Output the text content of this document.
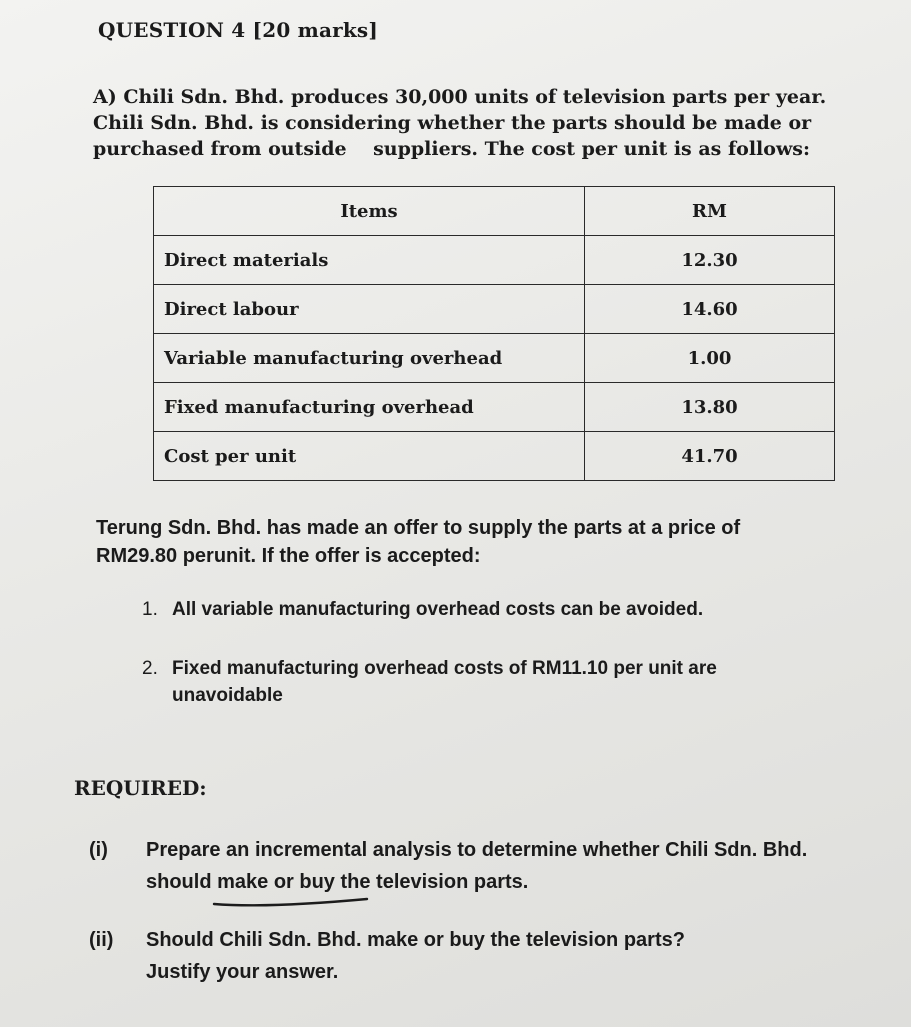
QUESTION 4 [20 marks]
A) Chili Sdn. Bhd. produces 30,000 units of television parts per year.
Chili Sdn. Bhd. is considering whether the parts should be made or
purchased from outside    suppliers. The cost per unit is as follows:
Items	RM
Direct materials	12.30
Direct labour	14.60
Variable manufacturing overhead	1.00
Fixed manufacturing overhead	13.80
Cost per unit	41.70
Terung Sdn. Bhd. has made an offer to supply the parts at a price of
RM29.80 perunit. If the offer is accepted:
1. All variable manufacturing overhead costs can be avoided.
2. Fixed manufacturing overhead costs of RM11.10 per unit are
unavoidable
REQUIRED:
(i) Prepare an incremental analysis to determine whether Chili Sdn. Bhd.
should make or buy the television parts.
(ii) Should Chili Sdn. Bhd. make or buy the television parts?
Justify your answer.
